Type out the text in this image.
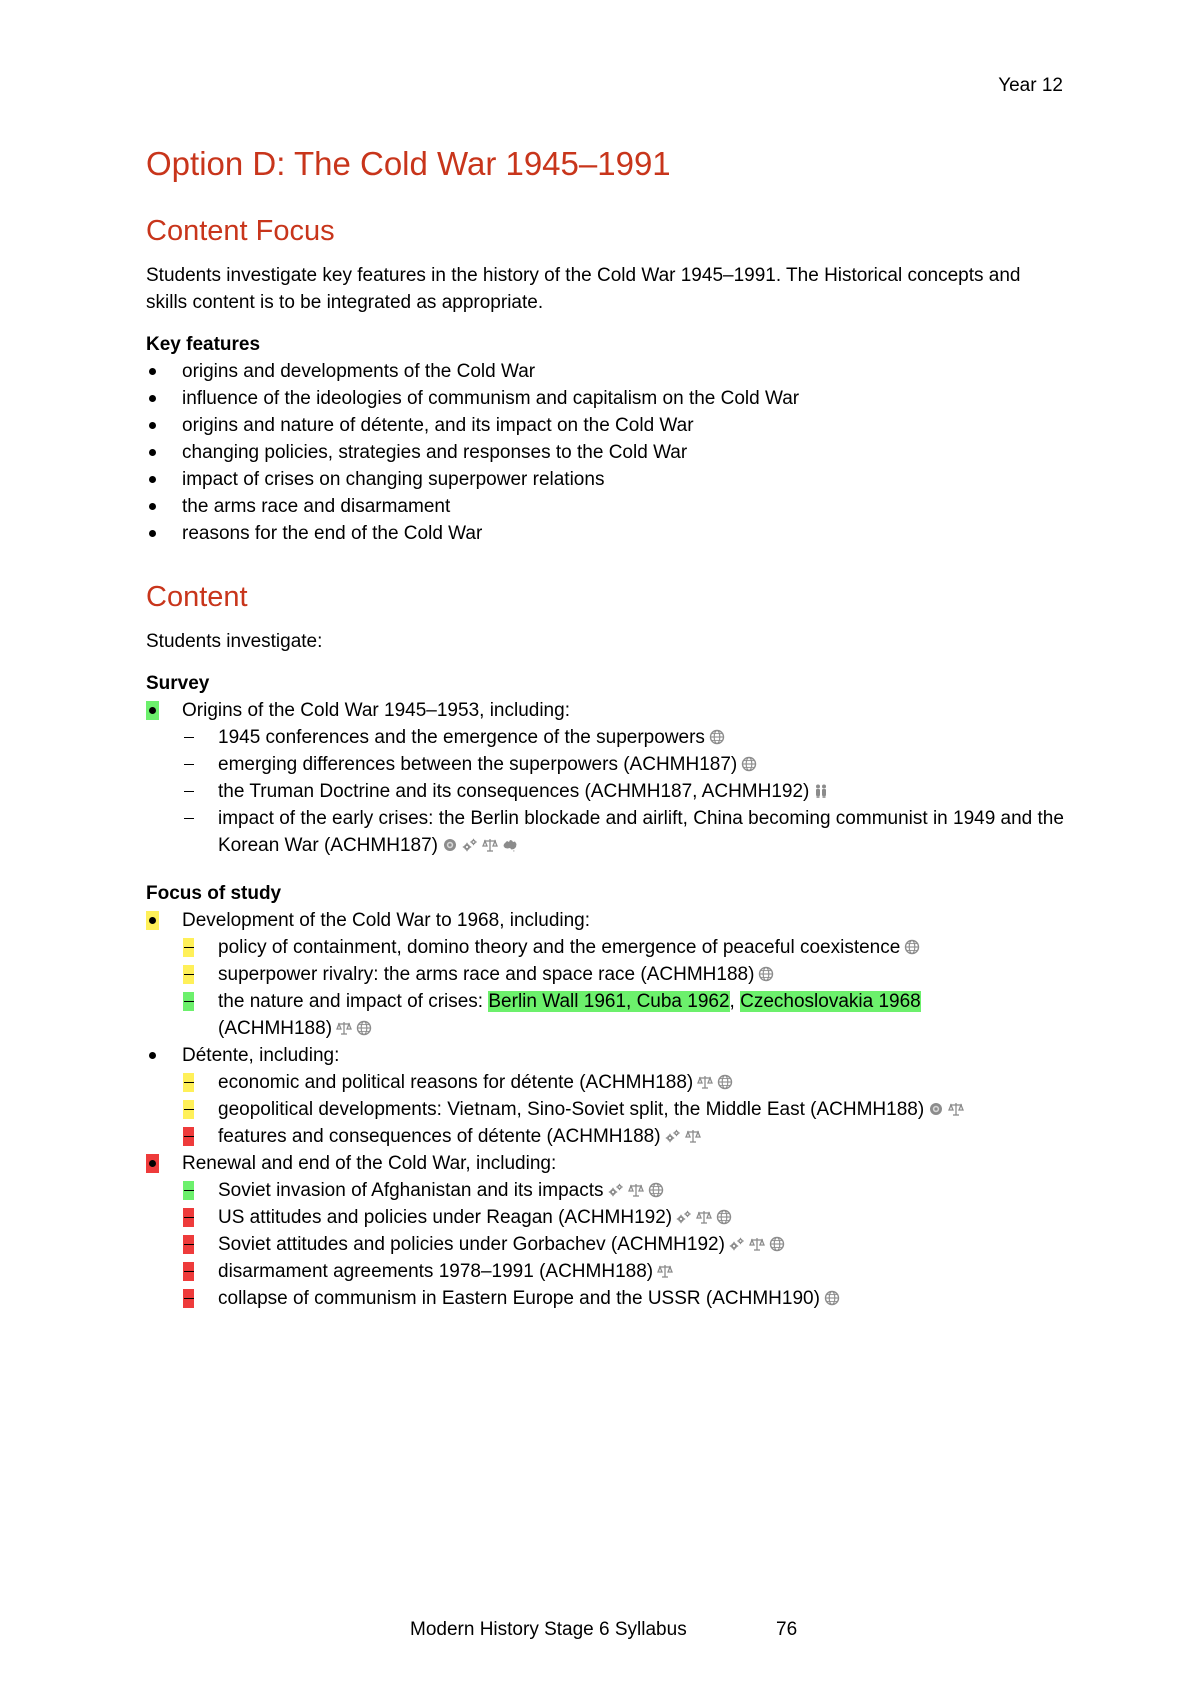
Year 12
Option D: The Cold War 1945–1991
Content Focus

Students investigate key features in the history of the Cold War 1945–1991. The Historical concepts and skills content is to be integrated as appropriate.

Key features

origins and developments of the Cold War
influence of the ideologies of communism and capitalism on the Cold War
origins and nature of détente, and its impact on the Cold War
changing policies, strategies and responses to the Cold War
impact of crises on changing superpower relations
the arms race and disarmament
reasons for the end of the Cold War
Content

Students investigate:

Survey

Origins of the Cold War 1945–1953, including:
1945 conferences and the emergence of the superpowers
emerging differences between the superpowers (ACHMH187)
the Truman Doctrine and its consequences (ACHMH187, ACHMH192)
impact of the early crises: the Berlin blockade and airlift, China becoming communist in 1949 and the Korean War (ACHMH187)

Focus of study

Development of the Cold War to 1968, including:
policy of containment, domino theory and the emergence of peaceful coexistence
superpower rivalry: the arms race and space race (ACHMH188)
the nature and impact of crises: Berlin Wall 1961, Cuba 1962, Czechoslovakia 1968
(ACHMH188)
Détente, including:
economic and political reasons for détente (ACHMH188)
geopolitical developments: Vietnam, Sino-Soviet split, the Middle East (ACHMH188)
features and consequences of détente (ACHMH188)
Renewal and end of the Cold War, including:
Soviet invasion of Afghanistan and its impacts
US attitudes and policies under Reagan (ACHMH192)
Soviet attitudes and policies under Gorbachev (ACHMH192)
disarmament agreements 1978–1991 (ACHMH188)
collapse of communism in Eastern Europe and the USSR (ACHMH190)
Modern History Stage 6 Syllabus	76
